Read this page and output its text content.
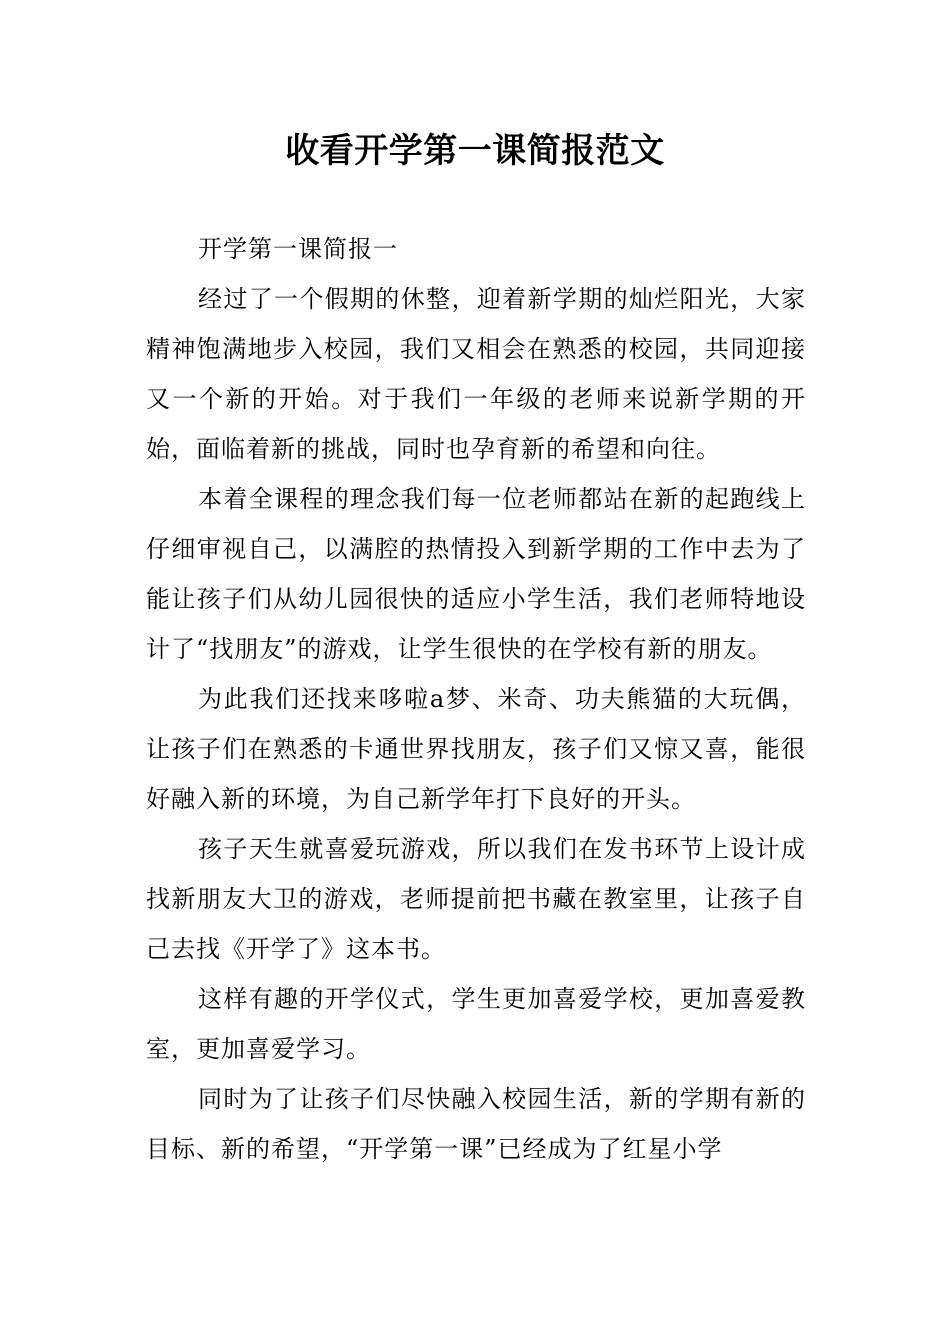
收看开学第一课简报范文

开学第一课简报一

经过了一个假期的休整，迎着新学期的灿烂阳光，大家精神饱满地步入校园，我们又相会在熟悉的校园，共同迎接又一个新的开始。对于我们一年级的老师来说新学期的开始，面临着新的挑战，同时也孕育新的希望和向往。

本着全课程的理念我们每一位老师都站在新的起跑线上仔细审视自己，以满腔的热情投入到新学期的工作中去为了能让孩子们从幼儿园很快的适应小学生活，我们老师特地设计了“找朋友”的游戏，让学生很快的在学校有新的朋友。

为此我们还找来哆啦a梦、米奇、功夫熊猫的大玩偶，让孩子们在熟悉的卡通世界找朋友，孩子们又惊又喜，能很好融入新的环境，为自己新学年打下良好的开头。

孩子天生就喜爱玩游戏，所以我们在发书环节上设计成找新朋友大卫的游戏，老师提前把书藏在教室里，让孩子自己去找《开学了》这本书。

这样有趣的开学仪式，学生更加喜爱学校，更加喜爱教室，更加喜爱学习。

同时为了让孩子们尽快融入校园生活，新的学期有新的目标、新的希望，“开学第一课”已经成为了红星小学
